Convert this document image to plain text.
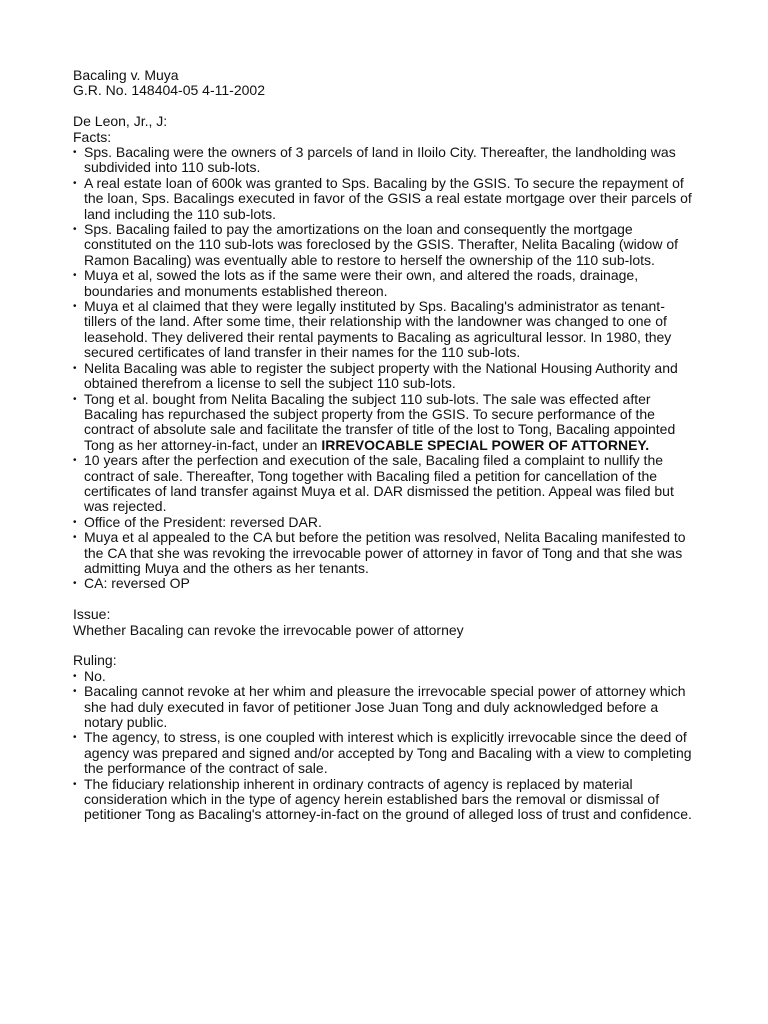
Bacaling v. Muya

G.R. No. 148404-05 4-11-2002

De Leon, Jr., J:

Facts:

• Sps. Bacaling were the owners of 3 parcels of land in Iloilo City. Thereafter, the landholding was subdivided into 110 sub-lots.
• A real estate loan of 600k was granted to Sps. Bacaling by the GSIS. To secure the repayment of the loan, Sps. Bacalings executed in favor of the GSIS a real estate mortgage over their parcels of land including the 110 sub-lots.
• Sps. Bacaling failed to pay the amortizations on the loan and consequently the mortgage constituted on the 110 sub-lots was foreclosed by the GSIS. Therafter, Nelita Bacaling (widow of Ramon Bacaling) was eventually able to restore to herself the ownership of the 110 sub-lots.
• Muya et al, sowed the lots as if the same were their own, and altered the roads, drainage, boundaries and monuments established thereon.
• Muya et al claimed that they were legally instituted by Sps. Bacaling's administrator as tenant-tillers of the land. After some time, their relationship with the landowner was changed to one of leasehold. They delivered their rental payments to Bacaling as agricultural lessor. In 1980, they secured certificates of land transfer in their names for the 110 sub-lots.
• Nelita Bacaling was able to register the subject property with the National Housing Authority and obtained therefrom a license to sell the subject 110 sub-lots.
• Tong et al. bought from Nelita Bacaling the subject 110 sub-lots. The sale was effected after Bacaling has repurchased the subject property from the GSIS. To secure performance of the contract of absolute sale and facilitate the transfer of title of the lost to Tong, Bacaling appointed Tong as her attorney-in-fact, under an IRREVOCABLE SPECIAL POWER OF ATTORNEY.
• 10 years after the perfection and execution of the sale, Bacaling filed a complaint to nullify the contract of sale. Thereafter, Tong together with Bacaling filed a petition for cancellation of the certificates of land transfer against Muya et al. DAR dismissed the petition. Appeal was filed but was rejected.
• Office of the President: reversed DAR.
• Muya et al appealed to the CA but before the petition was resolved, Nelita Bacaling manifested to the CA that she was revoking the irrevocable power of attorney in favor of Tong and that she was admitting Muya and the others as her tenants.
• CA: reversed OP

Issue:

Whether Bacaling can revoke the irrevocable power of attorney

Ruling:

• No.
• Bacaling cannot revoke at her whim and pleasure the irrevocable special power of attorney which she had duly executed in favor of petitioner Jose Juan Tong and duly acknowledged before a notary public.
• The agency, to stress, is one coupled with interest which is explicitly irrevocable since the deed of agency was prepared and signed and/or accepted by Tong and Bacaling with a view to completing the performance of the contract of sale.
• The fiduciary relationship inherent in ordinary contracts of agency is replaced by material consideration which in the type of agency herein established bars the removal or dismissal of petitioner Tong as Bacaling's attorney-in-fact on the ground of alleged loss of trust and confidence.
